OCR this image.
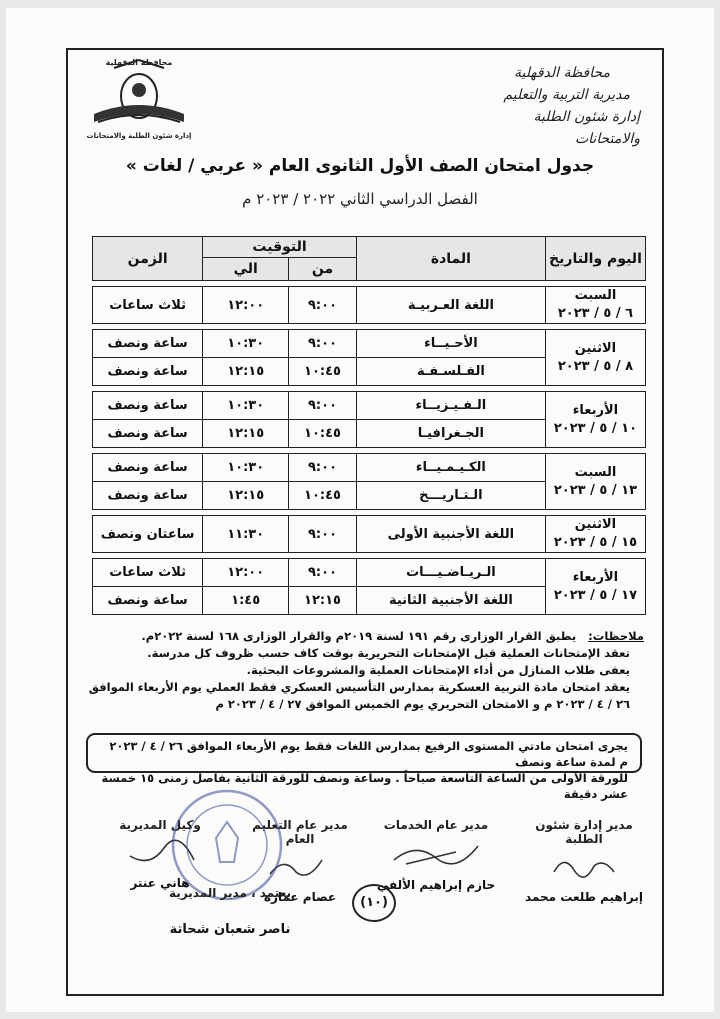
محافظة الدقهلية
إدارة شئون الطلبة والامتحانات
محافظة الدقهلية
مديرية التربية والتعليم
إدارة شئون الطلبة والامتحانات
جدول امتحان الصف الأول الثانوى العام « عربي / لغات »
الفصل الدراسي الثاني ٢٠٢٢ / ٢٠٢٣ م
اليوم والتاريخ	المادة	التوقيت		الزمن
		من	الي	

السبت
٦ / ٥ / ٢٠٢٣	اللغة العـربيـة	٩:٠٠	١٢:٠٠	ثلاث ساعات

الاثنين
٨ / ٥ / ٢٠٢٣	الأحـيــاء	٩:٠٠	١٠:٣٠	ساعة ونصف
	الفـلسـفـة	١٠:٤٥	١٢:١٥	ساعة ونصف

الأربعاء
١٠ / ٥ / ٢٠٢٣	الـفـيـزيــاء	٩:٠٠	١٠:٣٠	ساعة ونصف
	الجـغرافيـا	١٠:٤٥	١٢:١٥	ساعة ونصف

السبت
١٣ / ٥ / ٢٠٢٣	الكـيـمـيــاء	٩:٠٠	١٠:٣٠	ساعة ونصف
	الـتـاريـــخ	١٠:٤٥	١٢:١٥	ساعة ونصف

الاثنين
١٥ / ٥ / ٢٠٢٣	اللغة الأجنبية الأولى	٩:٠٠	١١:٣٠	ساعتان ونصف

الأربعاء
١٧ / ٥ / ٢٠٢٣	الـريـاضـيـــات	٩:٠٠	١٢:٠٠	ثلاث ساعات
	اللغة الأجنبية الثانية	١٢:١٥	١:٤٥	ساعة ونصف
ملاحظات:   يطبق القرار الوزارى رقم ١٩١ لسنة ٢٠١٩م والقرار الوزارى ١٦٨ لسنة ٢٠٢٢م.
تعقد الإمتحانات العملية قبل الإمتحانات التحريرية بوقت كاف حسب ظروف كل مدرسة.
يعفى طلاب المنازل من أداء الإمتحانات العملية والمشروعات البحثية.
يعقد امتحان مادة التربية العسكرية بمدارس التأسيس العسكري فقط العملي يوم الأربعاء الموافق ٢٦ / ٤ / ٢٠٢٣ م و الامتحان التحريري يوم الخميس الموافق ٢٧ / ٤ / ٢٠٢٣ م
يجرى امتحان مادتي المستوى الرفيع بمدارس اللغات فقط يوم الأربعاء الموافق ٢٦ / ٤ / ٢٠٢٣ م لمدة ساعة ونصف
للورقة الأولى من الساعة التاسعة صباحاً . وساعة ونصف للورقة الثانية بفاصل زمنى ١٥ خمسة عشر دقيقة
مدير إدارة شئون الطلبة
إبراهيم طلعت محمد
مدير عام الخدمات
حازم إبراهيم الألفي
مدير عام التعليم العام
عصام عمارة
وكيل المديرية
هاني عنتر
يعتمد ، مدير المديرية
ناصر شعبان شحاتة
(١٠)
